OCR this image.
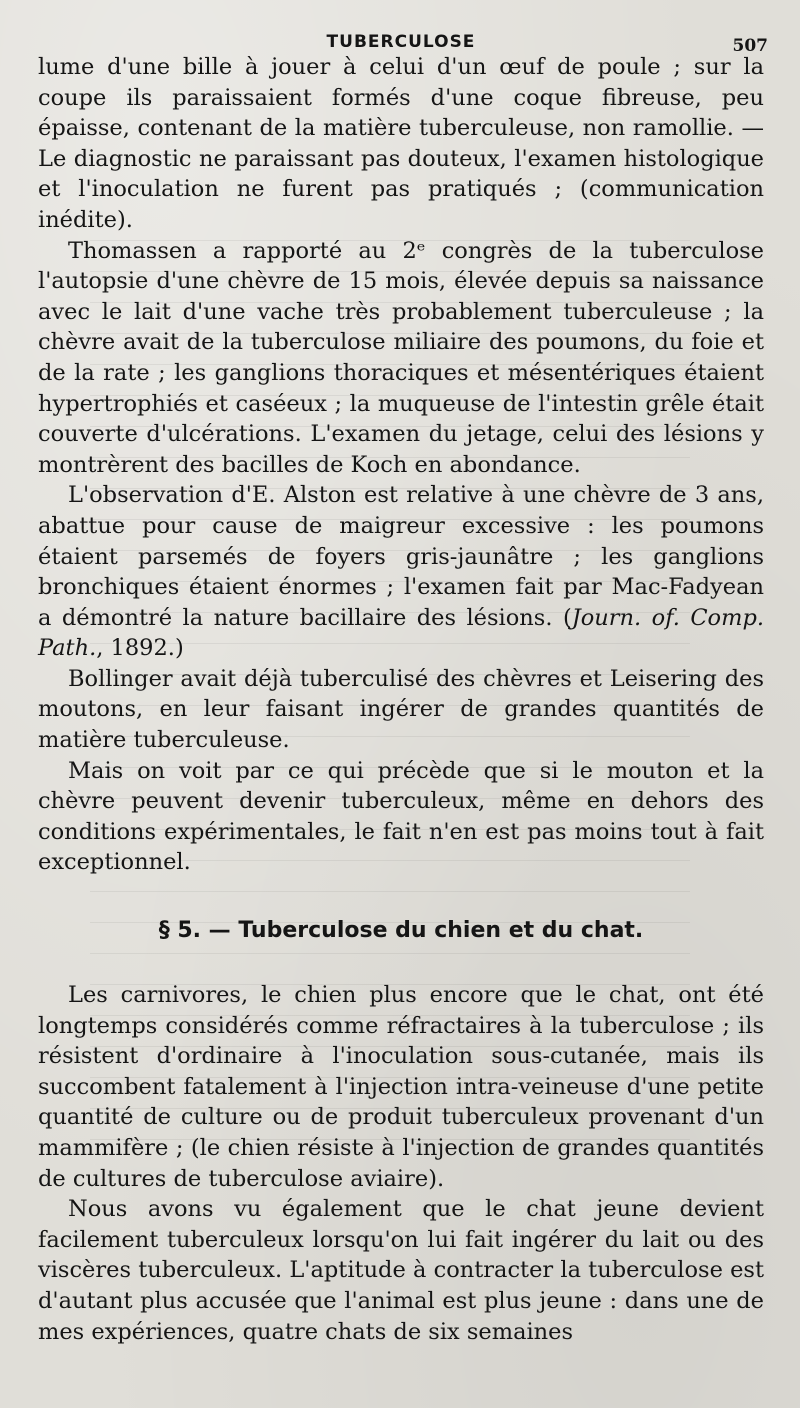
TUBERCULOSE	507

lume d'une bille à jouer à celui d'un œuf de poule ; sur la coupe ils paraissaient formés d'une coque fibreuse, peu épaisse, contenant de la matière tuberculeuse, non ramollie. — Le diagnostic ne paraissant pas douteux, l'examen histologique et l'inoculation ne furent pas pratiqués ; (communication inédite).

Thomassen a rapporté au 2ᵉ congrès de la tuberculose l'autopsie d'une chèvre de 15 mois, élevée depuis sa naissance avec le lait d'une vache très probablement tuberculeuse ; la chèvre avait de la tuberculose miliaire des poumons, du foie et de la rate ; les ganglions thoraciques et mésentériques étaient hypertrophiés et caséeux ; la muqueuse de l'intestin grêle était couverte d'ulcérations. L'examen du jetage, celui des lésions y montrèrent des bacilles de Koch en abondance.

L'observation d'E. Alston est relative à une chèvre de 3 ans, abattue pour cause de maigreur excessive : les poumons étaient parsemés de foyers gris-jaunâtre ; les ganglions bronchiques étaient énormes ; l'examen fait par Mac-Fadyean a démontré la nature bacillaire des lésions. (Journ. of. Comp. Path., 1892.)

Bollinger avait déjà tuberculisé des chèvres et Leisering des moutons, en leur faisant ingérer de grandes quantités de matière tuberculeuse.

Mais on voit par ce qui précède que si le mouton et la chèvre peuvent devenir tuberculeux, même en dehors des conditions expérimentales, le fait n'en est pas moins tout à fait exceptionnel.

§ 5. — Tuberculose du chien et du chat.

Les carnivores, le chien plus encore que le chat, ont été longtemps considérés comme réfractaires à la tuberculose ; ils résistent d'ordinaire à l'inoculation sous-cutanée, mais ils succombent fatalement à l'injection intra-veineuse d'une petite quantité de culture ou de produit tuberculeux provenant d'un mammifère ; (le chien résiste à l'injection de grandes quantités de cultures de tuberculose aviaire).

Nous avons vu également que le chat jeune devient facilement tuberculeux lorsqu'on lui fait ingérer du lait ou des viscères tuberculeux. L'aptitude à contracter la tuberculose est d'autant plus accusée que l'animal est plus jeune : dans une de mes expériences, quatre chats de six semaines
